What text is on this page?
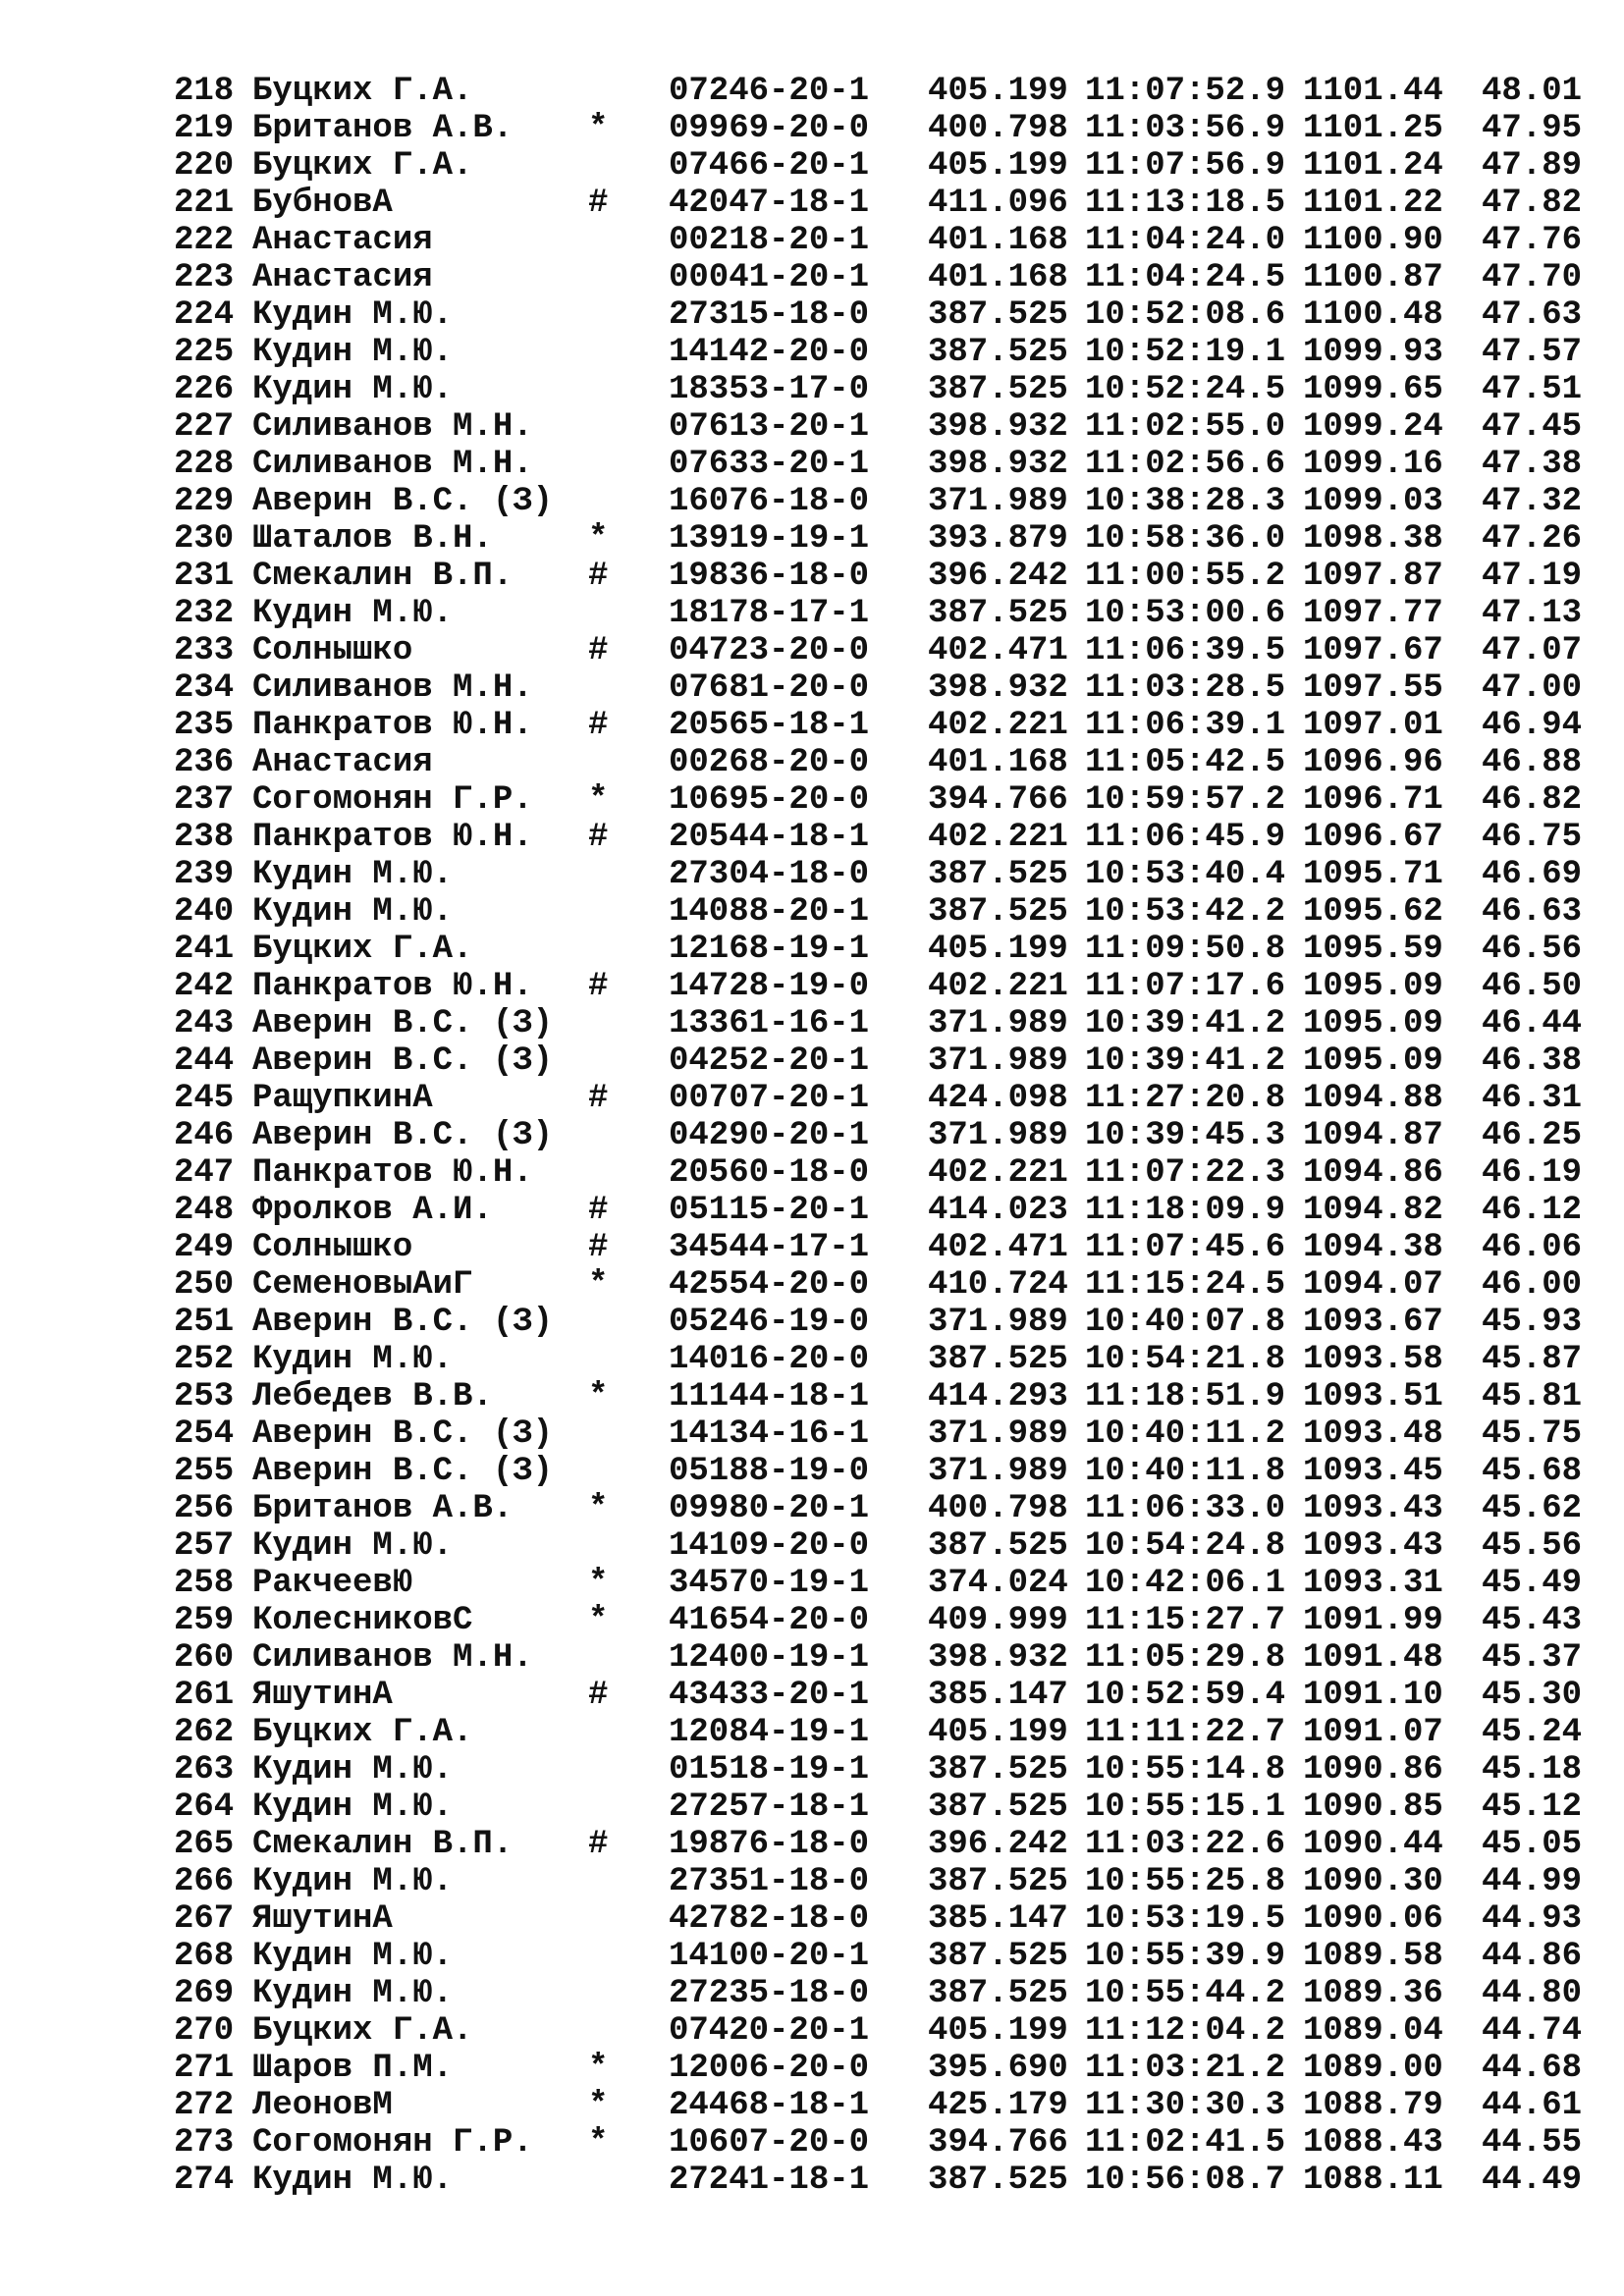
218 Буцких Г.А.	07246-20-1 405.199 11:07:52.9 1101.44 48.01
219 Британов А.В. * 09969-20-0 400.798 11:03:56.9 1101.25 47.95
220 Буцких Г.А.	07466-20-1 405.199 11:07:56.9 1101.24 47.89
221 БубновА	# 42047-18-1 411.096 11:13:18.5 1101.22 47.82
222 Анастасия	00218-20-1 401.168 11:04:24.0 1100.90 47.76
223 Анастасия	00041-20-1 401.168 11:04:24.5 1100.87 47.70
224 Кудин М.Ю.	27315-18-0 387.525 10:52:08.6 1100.48 47.63
225 Кудин М.Ю.	14142-20-0 387.525 10:52:19.1 1099.93 47.57
226 Кудин М.Ю.	18353-17-0 387.525 10:52:24.5 1099.65 47.51
227 Силиванов М.Н.	07613-20-1 398.932 11:02:55.0 1099.24 47.45
228 Силиванов М.Н.	07633-20-1 398.932 11:02:56.6 1099.16 47.38
229 Аверин В.С. (З)	16076-18-0 371.989 10:38:28.3 1099.03 47.32
230 Шаталов В.Н.	* 13919-19-1 393.879 10:58:36.0 1098.38 47.26
231 Смекалин В.П. # 19836-18-0 396.242 11:00:55.2 1097.87 47.19
232 Кудин М.Ю.	18178-17-1 387.525 10:53:00.6 1097.77 47.13
233 Солнышко	# 04723-20-0 402.471 11:06:39.5 1097.67 47.07
234 Силиванов М.Н.	07681-20-0 398.932 11:03:28.5 1097.55 47.00
235 Панкратов Ю.Н. # 20565-18-1 402.221 11:06:39.1 1097.01 46.94
236 Анастасия	00268-20-0 401.168 11:05:42.5 1096.96 46.88
237 Согомонян Г.Р. * 10695-20-0 394.766 10:59:57.2 1096.71 46.82
238 Панкратов Ю.Н. # 20544-18-1 402.221 11:06:45.9 1096.67 46.75
239 Кудин М.Ю.	27304-18-0 387.525 10:53:40.4 1095.71 46.69
240 Кудин М.Ю.	14088-20-1 387.525 10:53:42.2 1095.62 46.63
241 Буцких Г.А.	12168-19-1 405.199 11:09:50.8 1095.59 46.56
242 Панкратов Ю.Н. # 14728-19-0 402.221 11:07:17.6 1095.09 46.50
243 Аверин В.С. (З)	13361-16-1 371.989 10:39:41.2 1095.09 46.44
244 Аверин В.С. (З)	04252-20-1 371.989 10:39:41.2 1095.09 46.38
245 РащупкинА	# 00707-20-1 424.098 11:27:20.8 1094.88 46.31
246 Аверин В.С. (З)	04290-20-1 371.989 10:39:45.3 1094.87 46.25
247 Панкратов Ю.Н.	20560-18-0 402.221 11:07:22.3 1094.86 46.19
248 Фролков А.И.	# 05115-20-1 414.023 11:18:09.9 1094.82 46.12
249 Солнышко	# 34544-17-1 402.471 11:07:45.6 1094.38 46.06
250 СеменовыАиГ	* 42554-20-0 410.724 11:15:24.5 1094.07 46.00
251 Аверин В.С. (З)	05246-19-0 371.989 10:40:07.8 1093.67 45.93
252 Кудин М.Ю.	14016-20-0 387.525 10:54:21.8 1093.58 45.87
253 Лебедев В.В.	* 11144-18-1 414.293 11:18:51.9 1093.51 45.81
254 Аверин В.С. (З)	14134-16-1 371.989 10:40:11.2 1093.48 45.75
255 Аверин В.С. (З)	05188-19-0 371.989 10:40:11.8 1093.45 45.68
256 Британов А.В. * 09980-20-1 400.798 11:06:33.0 1093.43 45.62
257 Кудин М.Ю.	14109-20-0 387.525 10:54:24.8 1093.43 45.56
258 РакчеевЮ	* 34570-19-1 374.024 10:42:06.1 1093.31 45.49
259 КолесниковС	* 41654-20-0 409.999 11:15:27.7 1091.99 45.43
260 Силиванов М.Н.	12400-19-1 398.932 11:05:29.8 1091.48 45.37
261 ЯшутинА	# 43433-20-1 385.147 10:52:59.4 1091.10 45.30
262 Буцких Г.А.	12084-19-1 405.199 11:11:22.7 1091.07 45.24
263 Кудин М.Ю.	01518-19-1 387.525 10:55:14.8 1090.86 45.18
264 Кудин М.Ю.	27257-18-1 387.525 10:55:15.1 1090.85 45.12
265 Смекалин В.П. # 19876-18-0 396.242 11:03:22.6 1090.44 45.05
266 Кудин М.Ю.	27351-18-0 387.525 10:55:25.8 1090.30 44.99
267 ЯшутинА	42782-18-0 385.147 10:53:19.5 1090.06 44.93
268 Кудин М.Ю.	14100-20-1 387.525 10:55:39.9 1089.58 44.86
269 Кудин М.Ю.	27235-18-0 387.525 10:55:44.2 1089.36 44.80
270 Буцких Г.А.	07420-20-1 405.199 11:12:04.2 1089.04 44.74
271 Шаров П.М.	* 12006-20-0 395.690 11:03:21.2 1089.00 44.68
272 ЛеоновМ	* 24468-18-1 425.179 11:30:30.3 1088.79 44.61
273 Согомонян Г.Р. * 10607-20-0 394.766 11:02:41.5 1088.43 44.55
274 Кудин М.Ю.	27241-18-1 387.525 10:56:08.7 1088.11 44.49
